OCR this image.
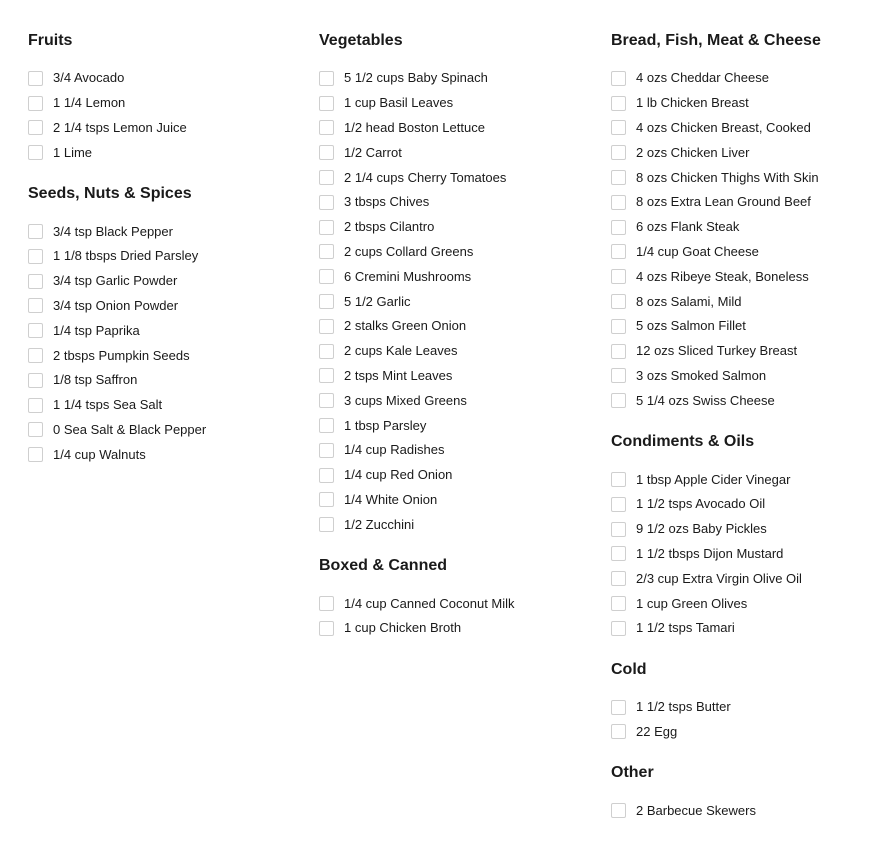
Fruits
3/4 Avocado
1 1/4 Lemon
2 1/4 tsps Lemon Juice
1 Lime
Seeds, Nuts & Spices
3/4 tsp Black Pepper
1 1/8 tbsps Dried Parsley
3/4 tsp Garlic Powder
3/4 tsp Onion Powder
1/4 tsp Paprika
2 tbsps Pumpkin Seeds
1/8 tsp Saffron
1 1/4 tsps Sea Salt
0 Sea Salt & Black Pepper
1/4 cup Walnuts
Vegetables
5 1/2 cups Baby Spinach
1 cup Basil Leaves
1/2 head Boston Lettuce
1/2 Carrot
2 1/4 cups Cherry Tomatoes
3 tbsps Chives
2 tbsps Cilantro
2 cups Collard Greens
6 Cremini Mushrooms
5 1/2 Garlic
2 stalks Green Onion
2 cups Kale Leaves
2 tsps Mint Leaves
3 cups Mixed Greens
1 tbsp Parsley
1/4 cup Radishes
1/4 cup Red Onion
1/4 White Onion
1/2 Zucchini
Boxed & Canned
1/4 cup Canned Coconut Milk
1 cup Chicken Broth
Bread, Fish, Meat & Cheese
4 ozs Cheddar Cheese
1 lb Chicken Breast
4 ozs Chicken Breast, Cooked
2 ozs Chicken Liver
8 ozs Chicken Thighs With Skin
8 ozs Extra Lean Ground Beef
6 ozs Flank Steak
1/4 cup Goat Cheese
4 ozs Ribeye Steak, Boneless
8 ozs Salami, Mild
5 ozs Salmon Fillet
12 ozs Sliced Turkey Breast
3 ozs Smoked Salmon
5 1/4 ozs Swiss Cheese
Condiments & Oils
1 tbsp Apple Cider Vinegar
1 1/2 tsps Avocado Oil
9 1/2 ozs Baby Pickles
1 1/2 tbsps Dijon Mustard
2/3 cup Extra Virgin Olive Oil
1 cup Green Olives
1 1/2 tsps Tamari
Cold
1 1/2 tsps Butter
22 Egg
Other
2 Barbecue Skewers
